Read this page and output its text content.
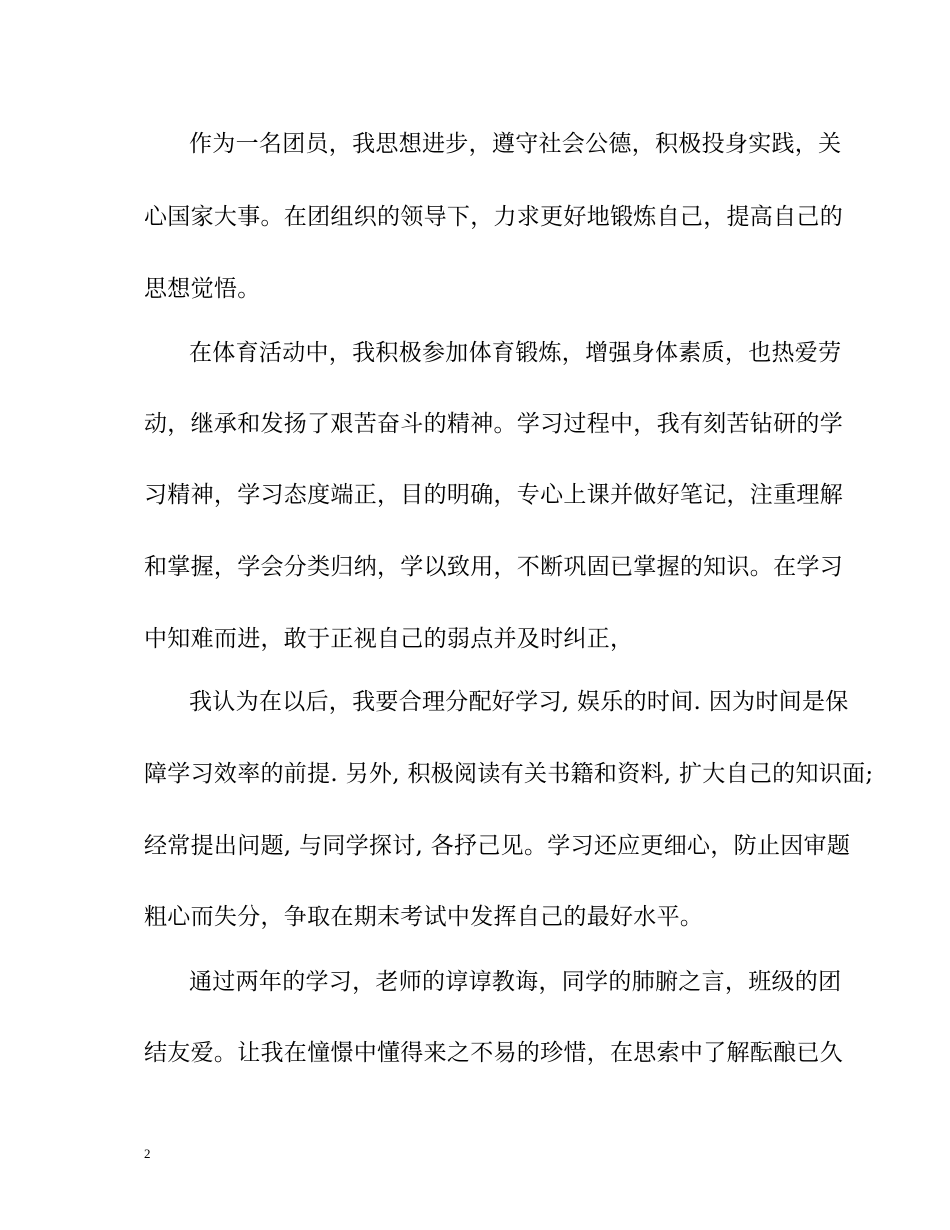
作为一名团员，我思想进步，遵守社会公德，积极投身实践，关
心国家大事。在团组织的领导下，力求更好地锻炼自己，提高自己的
思想觉悟。
在体育活动中，我积极参加体育锻炼，增强身体素质，也热爱劳
动，继承和发扬了艰苦奋斗的精神。学习过程中，我有刻苦钻研的学
习精神，学习态度端正，目的明确，专心上课并做好笔记，注重理解
和掌握，学会分类归纳，学以致用，不断巩固已掌握的知识。在学习
中知难而进，敢于正视自己的弱点并及时纠正，
我认为在以后，我要合理分配好学习, 娱乐的时间. 因为时间是保
障学习效率的前提. 另外, 积极阅读有关书籍和资料, 扩大自己的知识面;
经常提出问题, 与同学探讨, 各抒己见。学习还应更细心，防止因审题
粗心而失分，争取在期末考试中发挥自己的最好水平。
通过两年的学习，老师的谆谆教诲，同学的肺腑之言，班级的团
结友爱。让我在憧憬中懂得来之不易的珍惜，在思索中了解酝酿已久
2
